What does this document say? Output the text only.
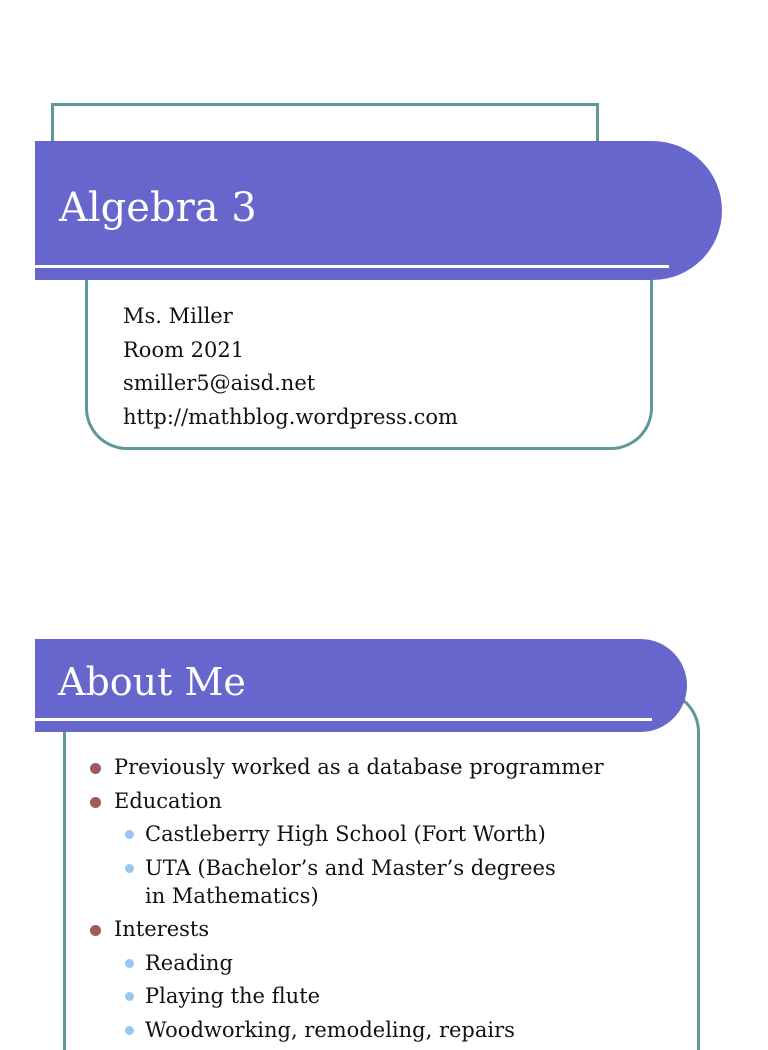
Algebra 3
Ms. Miller
Room 2021
smiller5@aisd.net
http://mathblog.wordpress.com
About Me
Previously worked as a database programmer
Education
Castleberry High School (Fort Worth)
UTA (Bachelor’s and Master’s degrees in Mathematics)
Interests
Reading
Playing the flute
Woodworking, remodeling, repairs
